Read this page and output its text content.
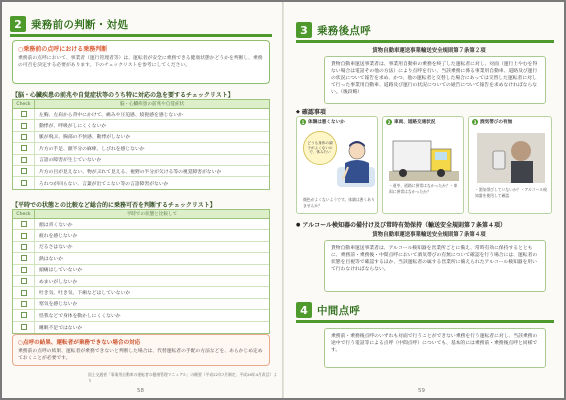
2 乗務前の判断・対処
○乗務前の点呼における乗務判断
乗務前の点呼において、事業者（運行管理者等）は、運転者が安全に乗務できる健康状態かどうかを判断し、乗務の可否を決定する必要があります。下のチェックリストを参考にしてください。
【脳・心臓疾患の前兆や自覚症状等のうち特に対応の急を要するチェックリスト】
Check	脳・心臓疾患の前兆や自覚症状
左胸、左肩から背中にかけて、痛みや圧迫感、絞扼感を感じないか
動悸が、呼吸がしにくくないか
脈が飛ぶ、胸部の不快感、動悸がしないか
片方の手足、顔半分の麻痺、しびれを感じないか
言語の障害が生じていないか
片方の目が見えない、物がぶれて見える、視野の半分が欠ける等の視覚障害がないか
ろれつが回らない、言葉が出てこない等の言語障害がないか
【平時での状態との比較など総合的に乗務可否を判断するチェックリスト】
Check	平時での状態と比較して
顔は青くないか
疲れを感じないか
だるさはないか
熱はないか
頭痛はしていないか
めまいがしないか
吐き気、吐き気、下痢などはしていないか
寒気を感じないか
怪我などで身体を動かしにくくないか
睡眠不足ではないか
○点呼の結果、運転者が乗務できない場合の対応
乗務前の点呼の結果、運転者が乗務できないと判断した場合は、代替運転者の手配の方法などを、あらかじめ定めておくことが必要です。
国土交通省「事業用自動車の運転者の健康管理マニュアル」の概要（平成22年7月制定、平成26年4月改訂）より
58
3 乗務後点呼
貨物自動車運送事業輸送安全規則第７条第２項
貨物自動車運送事業者は、事業用自動車の乗務を終了した運転者に対し、対面（運行上やむを得ない場合は電話その他の方法）により点呼を行い、当該乗務に係る事業用自動車、道路及び運行の状況について報告を求め、かつ、他の運転者と交替した場合にあっては交替した運転者に対して行った事業用自動車、道路及び運行の状況についての通告について報告を求めなければならない。（後段略）
◆ 確認事項
1 体調は悪くないか
どうも身体の調子がよくないので、休みたい
顔色がよくないようです。体調は悪くありませんか？
2 車両、道路交通状況
・道中、道路に異常はなかったか？・車両に異常はなかったか？
3 酒気帯びの有無
・酒気帯びしていないか？・アルコール検知器を使用して確認
● アルコール検知器の備付け及び常時有効保持（輸送安全規則第７条第４項）
貨物自動車運送事業輸送安全規則第７条第４項
貨物自動車運送事業者は、アルコール検知器を営業所ごとに備え、常時有効に保持するとともに、乗務前・乗務後・中間点呼において酒気帯びの有無について確認を行う場合には、運転者の状態を目視等で確認するほか、当該運転者の属する営業所に備えられたアルコール検知器を用いて行わなければならない。
4 中間点呼
乗務前・乗務後点呼のいずれも対面で行うことができない乗務を行う運転者に対し、当該乗務の途中で行う電話等による点呼（中間点呼）についても、基本的には乗務前・乗務後点呼と同様です。
59
